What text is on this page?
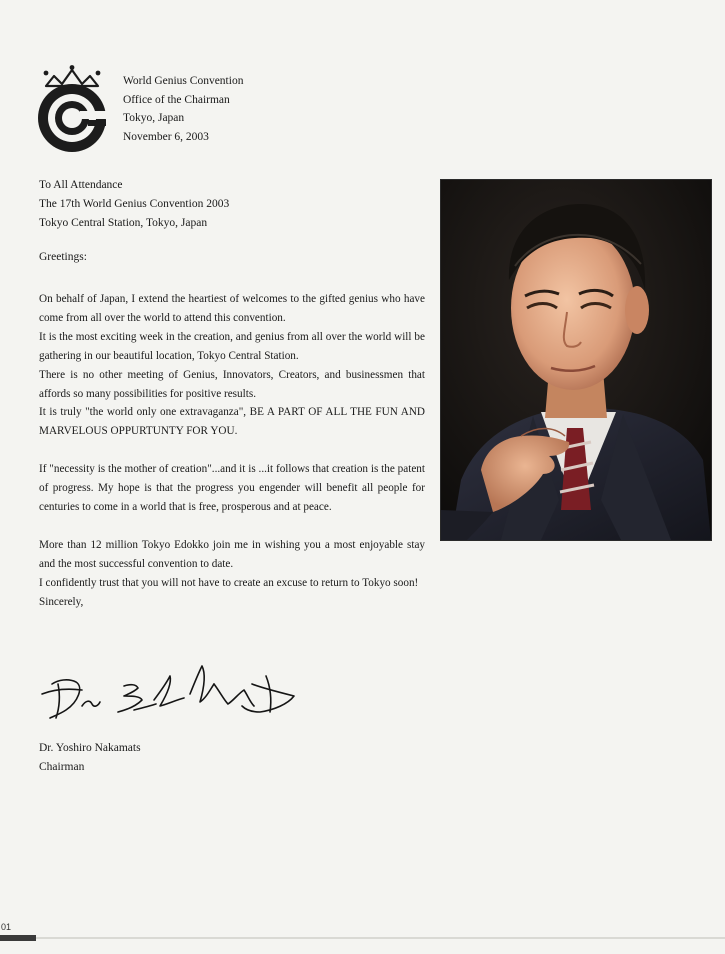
World Genius Convention
Office of the Chairman
Tokyo, Japan
November 6, 2003
To All Attendance
The 17th World Genius Convention 2003
Tokyo Central Station, Tokyo, Japan
Greetings:

On behalf of Japan, I extend the heartiest of welcomes to the gifted genius who have come from all over the world to attend this convention.

It is the most exciting week in the creation, and genius from all over the world will be gathering in our beautiful location, Tokyo Central Station.

There is no other meeting of Genius, Innovators, Creators, and businessmen that affords so many possibilities for positive results.

It is truly "the world only one extravaganza", BE A PART OF ALL THE FUN AND MARVELOUS OPPURTUNTY FOR YOU.

If "necessity is the mother of creation"...and it is ...it follows that creation is the patent of progress. My hope is that the progress you engender will benefit all people for centuries to come in a world that is free, prosperous and at peace.

More than 12 million Tokyo Edokko join me in wishing you a most enjoyable stay and the most successful convention to date.

I confidently trust that you will not have to create an excuse to return to Tokyo soon!

Sincerely,

Dr. Yoshiro Nakamats
Chairman
01
